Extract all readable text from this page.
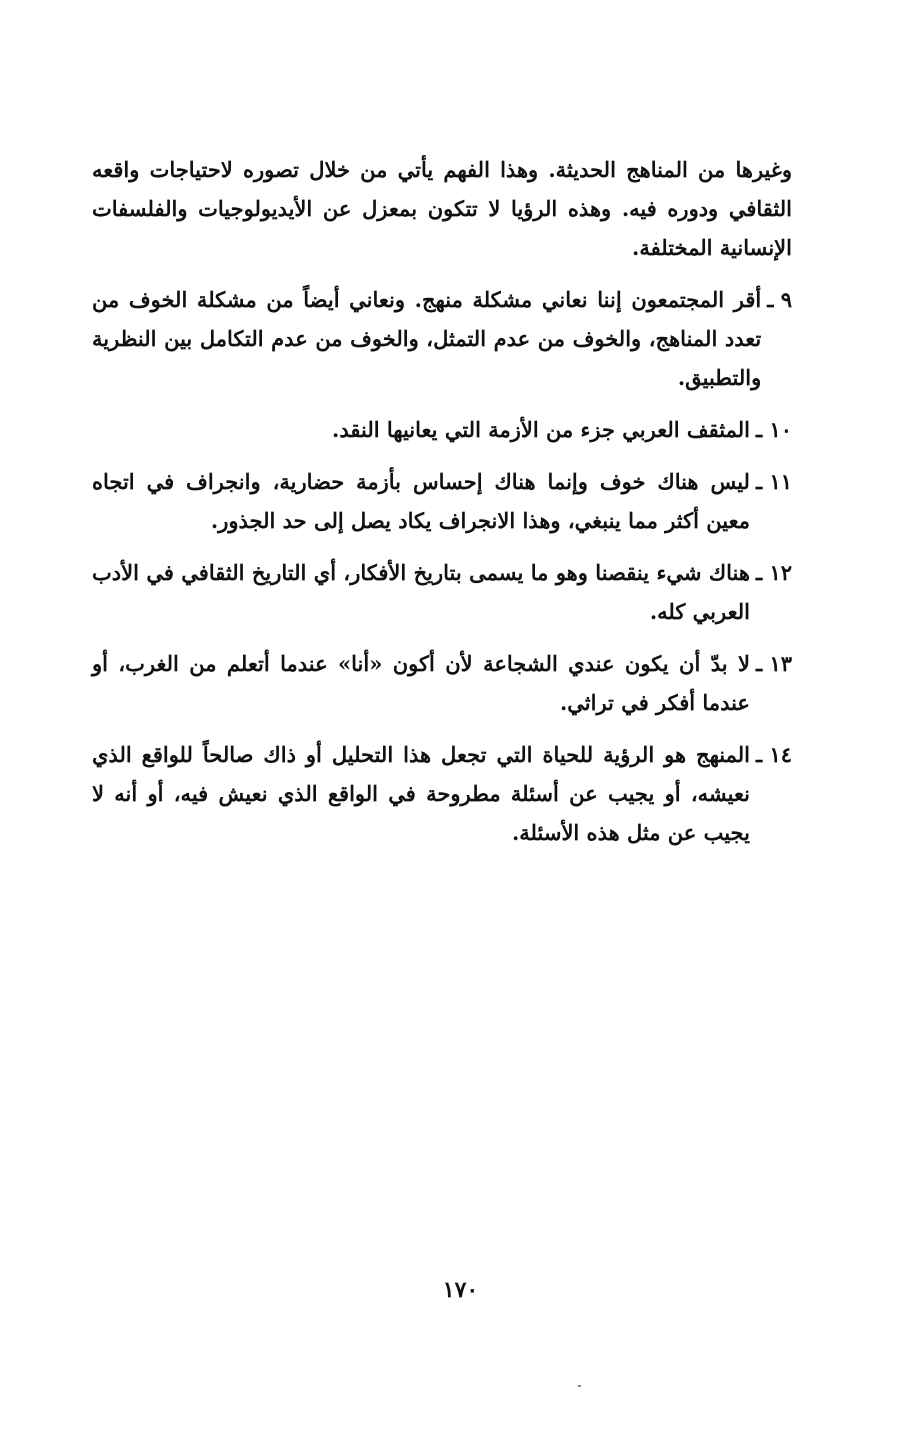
وغيرها من المناهج الحديثة. وهذا الفهم يأتي من خلال تصوره لاحتياجات واقعه الثقافي ودوره فيه. وهذه الرؤيا لا تتكون بمعزل عن الأيديولوجيات والفلسفات الإنسانية المختلفة.
٩ ـ
أقر المجتمعون إننا نعاني مشكلة منهج. ونعاني أيضاً من مشكلة الخوف من تعدد المناهج، والخوف من عدم التمثل، والخوف من عدم التكامل بين النظرية والتطبيق.
١٠ ـ
المثقف العربي جزء من الأزمة التي يعانيها النقد.
١١ ـ
ليس هناك خوف وإنما هناك إحساس بأزمة حضارية، وانجراف في اتجاه معين أكثر مما ينبغي، وهذا الانجراف يكاد يصل إلى حد الجذور.
١٢ ـ
هناك شيء ينقصنا وهو ما يسمى بتاريخ الأفكار، أي التاريخ الثقافي في الأدب العربي كله.
١٣ ـ
لا بدّ أن يكون عندي الشجاعة لأن أكون «أنا» عندما أتعلم من الغرب، أو عندما أفكر في تراثي.
١٤ ـ
المنهج هو الرؤية للحياة التي تجعل هذا التحليل أو ذاك صالحاً للواقع الذي نعيشه، أو يجيب عن أسئلة مطروحة في الواقع الذي نعيش فيه، أو أنه لا يجيب عن مثل هذه الأسئلة.
١٧٠
